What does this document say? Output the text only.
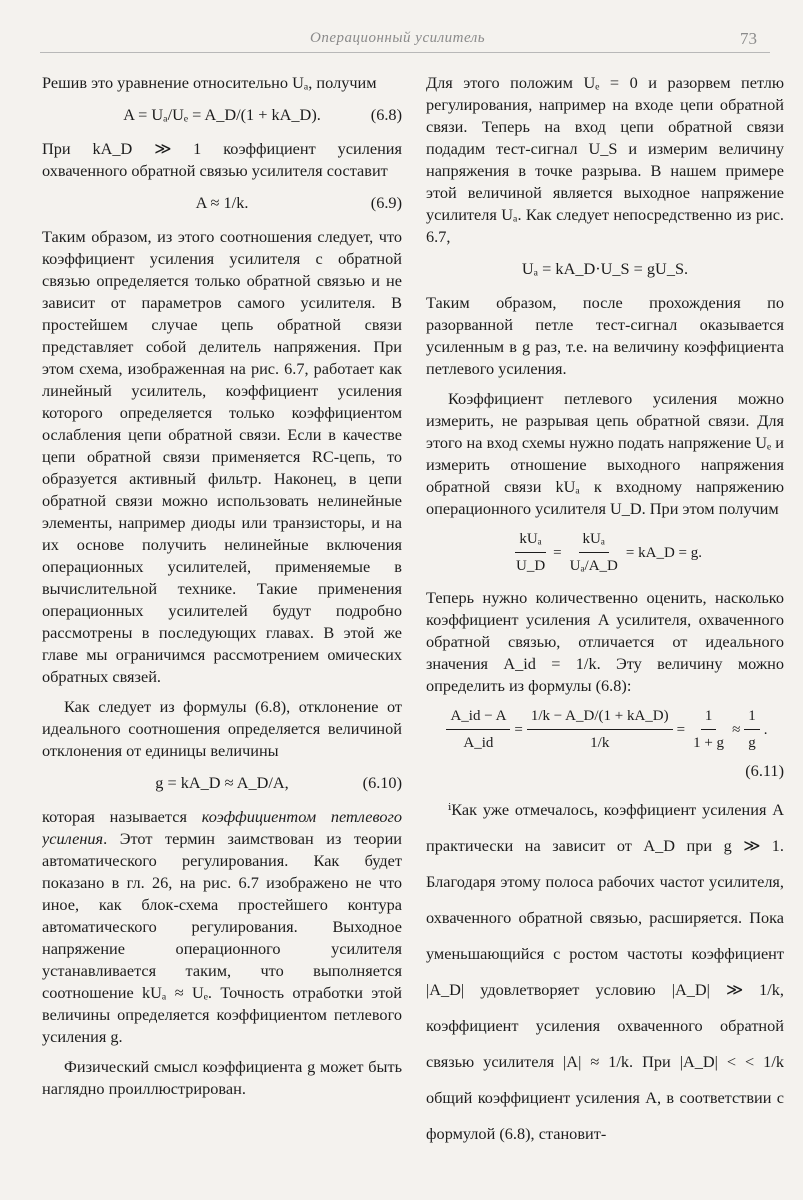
Операционный усилитель	73

Решив это уравнение относительно Uₐ, получим

A = Uₐ/Uₑ = A_D/(1 + kA_D).	(6.8)

При kA_D ≫ 1 коэффициент усиления охваченного обратной связью усилителя составит

A ≈ 1/k.	(6.9)

Таким образом, из этого соотношения следует, что коэффициент усиления усилителя с обратной связью определяется только обратной связью и не зависит от параметров самого усилителя. В простейшем случае цепь обратной связи представляет собой делитель напряжения. При этом схема, изображенная на рис. 6.7, работает как линейный усилитель, коэффициент усиления которого определяется только коэффициентом ослабления цепи обратной связи. Если в качестве цепи обратной связи применяется RC-цепь, то образуется активный фильтр. Наконец, в цепи обратной связи можно использовать нелинейные элементы, например диоды или транзисторы, и на их основе получить нелинейные включения операционных усилителей, применяемые в вычислительной технике. Такие применения операционных усилителей будут подробно рассмотрены в последующих главах. В этой же главе мы ограничимся рассмотрением омических обратных связей.

Как следует из формулы (6.8), отклонение от идеального соотношения определяется величиной отклонения от единицы величины

g = kA_D ≈ A_D/A,	(6.10)

которая называется коэффициентом петлевого усиления. Этот термин заимствован из теории автоматического регулирования. Как будет показано в гл. 26, на рис. 6.7 изображено не что иное, как блок-схема простейшего контура автоматического регулирования. Выходное напряжение операционного усилителя устанавливается таким, что выполняется соотношение kUₐ ≈ Uₑ. Точность отработки этой величины определяется коэффициентом петлевого усиления g.

Физический смысл коэффициента g может быть наглядно проиллюстрирован.

Для этого положим Uₑ = 0 и разорвем петлю регулирования, например на входе цепи обратной связи. Теперь на вход цепи обратной связи подадим тест-сигнал U_S и измерим величину напряжения в точке разрыва. В нашем примере этой величиной является выходное напряжение усилителя Uₐ. Как следует непосредственно из рис. 6.7,

Uₐ = kA_D·U_S = gU_S.

Таким образом, после прохождения по разорванной петле тест-сигнал оказывается усиленным в g раз, т.е. на величину коэффициента петлевого усиления.

Коэффициент петлевого усиления можно измерить, не разрывая цепь обратной связи. Для этого на вход схемы нужно подать напряжение Uₑ и измерить отношение выходного напряжения обратной связи kUₐ к входному напряжению операционного усилителя U_D. При этом получим

$\frac{\text{kUₐ}}{U\_D} = \frac{\text{kUₐ}}{\text{Uₐ/A\_D}}$ = kA_D = g.

Теперь нужно количественно оценить, насколько коэффициент усиления A усилителя, охваченного обратной связью, отличается от идеального значения A_id = 1/k. Эту величину можно определить из формулы (6.8):

$\frac{A\_id - A}{A\_id} = \frac{1/k - A\_D/(1 + kA\_D)}{1/k} = \frac{1}{1 + g} \approx \frac{1}{g}$ .
(6.11)

ⁱКак уже отмечалось, коэффициент усиления A практически на зависит от A_D при g ≫ 1. Благодаря этому полоса рабочих частот усилителя, охваченного обратной связью, расширяется. Пока уменьшающийся с ростом частоты коэффициент |A_D| удовлетворяет условию |A_D| ≫ 1/k, коэффициент усиления охваченного обратной связью усилителя |A| ≈ 1/k. При |A_D| < < 1/k общий коэффициент усиления A, в соответствии с формулой (6.8), становит-
